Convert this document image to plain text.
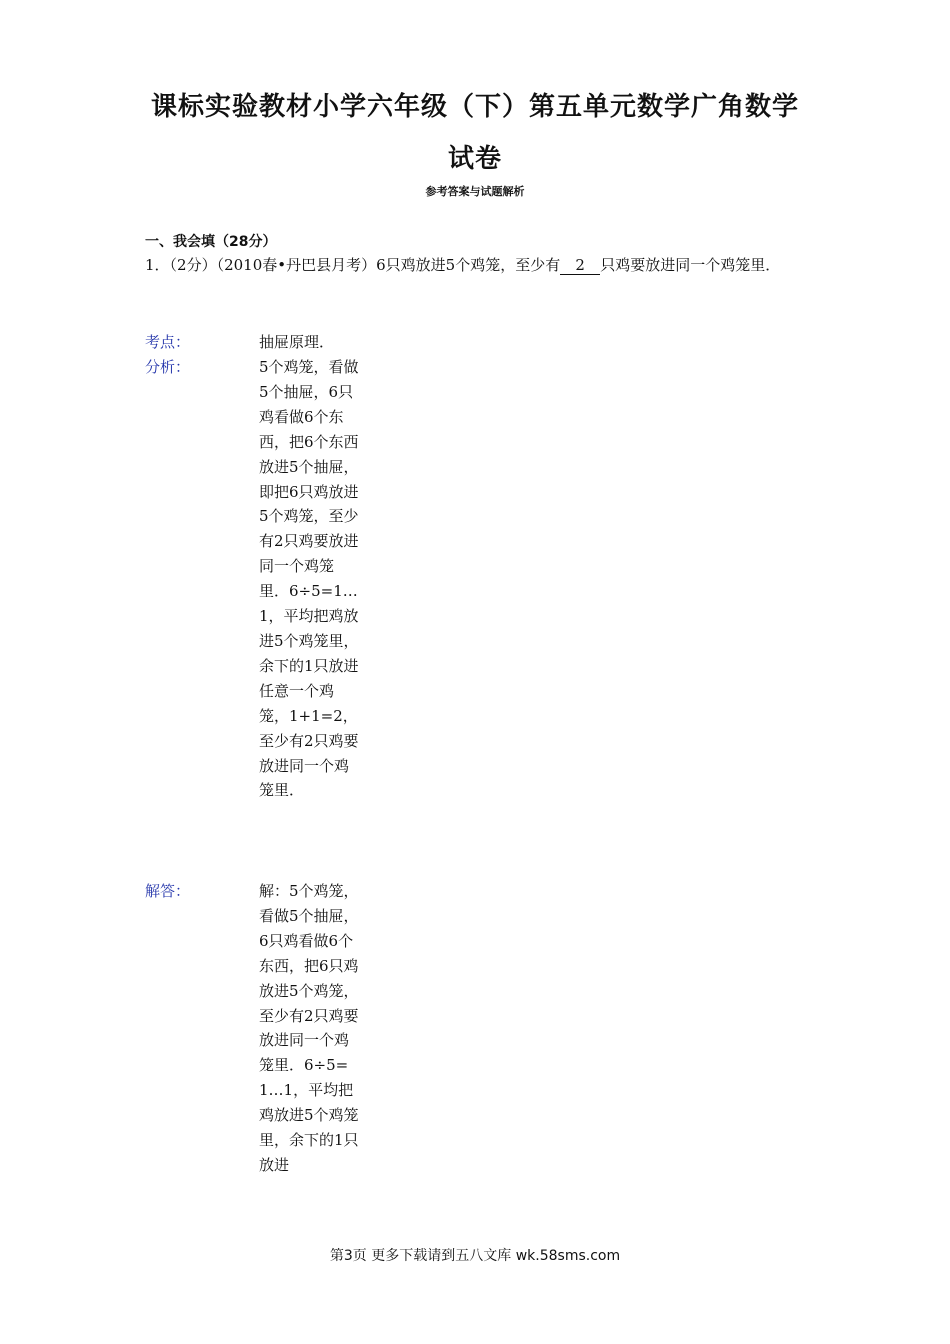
课标实验教材小学六年级（下）第五单元数学广角数学
试卷
参考答案与试题解析
一、我会填（28分）
1．（2分）（2010春•丹巴县月考）6只鸡放进5个鸡笼，至少有 2 只鸡要放进同一个鸡笼里．
考点：	抽屉原理．
分析：	5个鸡笼，看做5个抽屉，6只鸡看做6个东西，把6个东西放进5个抽屉，即把6只鸡放进5个鸡笼，至少有2只鸡要放进同一个鸡笼里．6÷5=1…1，平均把鸡放进5个鸡笼里，余下的1只放进任意一个鸡笼，1+1=2，至少有2只鸡要放进同一个鸡笼里．
解答：	解：5个鸡笼，看做5个抽屉，6只鸡看做6个东西，把6只鸡放进5个鸡笼，至少有2只鸡要放进同一个鸡笼里．6÷5=1…1，平均把鸡放进5个鸡笼里，余下的1只放进
第3页 更多下载请到五八文库 wk.58sms.com
